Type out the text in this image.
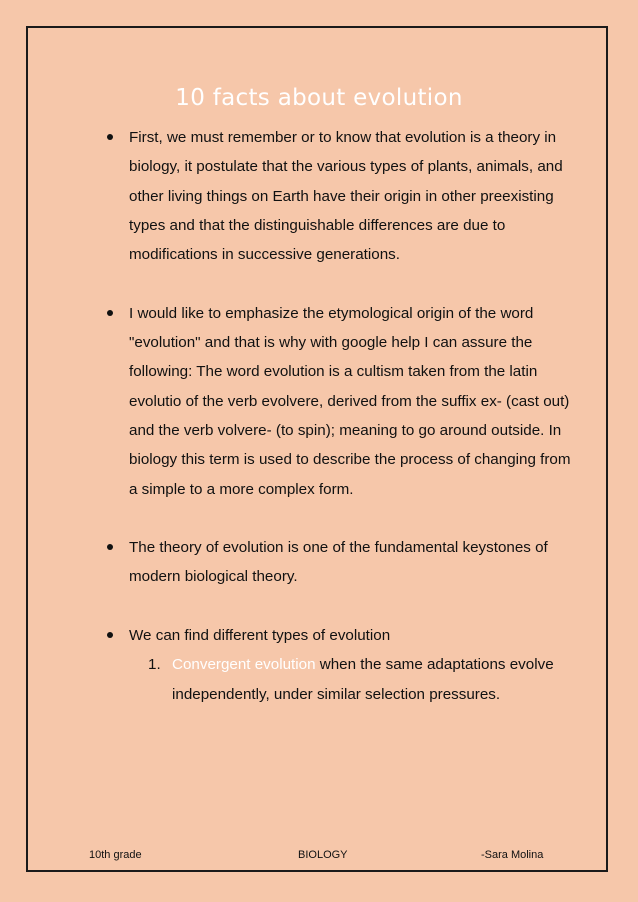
10 facts about evolution
First, we must remember or to know that evolution is a theory in biology, it postulate that the various types of plants, animals, and other living things on Earth have their origin in other preexisting types and that the distinguishable differences are due to modifications in successive generations.
I would like to emphasize the etymological origin of the word "evolution" and that is why with google help I can assure the following: The word evolution is a cultism taken from the latin evolutio of the verb evolvere, derived from the suffix ex- (cast out) and the verb volvere- (to spin); meaning to go around outside. In biology this term is used to describe the process of changing from a simple to a more complex form.
The theory of evolution is one of the fundamental keystones of modern biological theory.
We can find different types of evolution
1. Convergent evolution when the same adaptations evolve independently, under similar selection pressures.
10th grade	BIOLOGY	-Sara Molina
